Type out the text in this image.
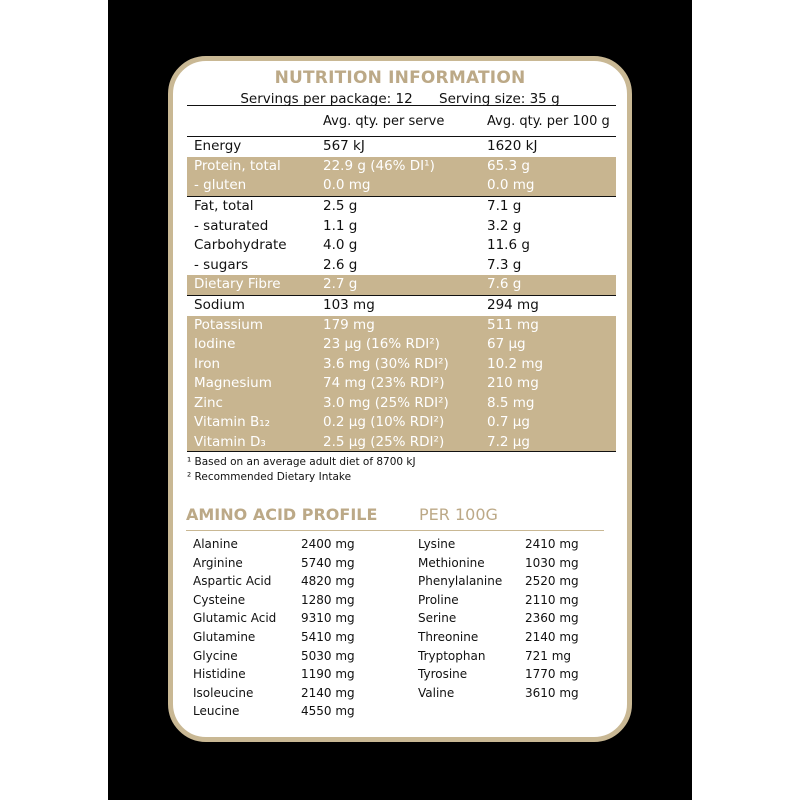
NUTRITION INFORMATION
Servings per package: 12 Serving size: 35 g
Avg. qty. per serve	Avg. qty. per 100 g
Energy	567 kJ	1620 kJ
Protein, total	22.9 g (46% DI¹)	65.3 g
- gluten	0.0 mg	0.0 mg
Fat, total	2.5 g	7.1 g
- saturated	1.1 g	3.2 g
Carbohydrate	4.0 g	11.6 g
- sugars	2.6 g	7.3 g
Dietary Fibre	2.7 g	7.6 g
Sodium	103 mg	294 mg
Potassium	179 mg	511 mg
Iodine	23 µg (16% RDI²)	67 µg
Iron	3.6 mg (30% RDI²)	10.2 mg
Magnesium	74 mg (23% RDI²)	210 mg
Zinc	3.0 mg (25% RDI²)	8.5 mg
Vitamin B₁₂	0.2 µg (10% RDI²)	0.7 µg
Vitamin D₃	2.5 µg (25% RDI²)	7.2 µg
¹ Based on an average adult diet of 8700 kJ
² Recommended Dietary Intake
AMINO ACID PROFILE	PER 100G
Alanine	2400 mg
Arginine	5740 mg
Aspartic Acid 4820 mg
Cysteine	1280 mg
Glutamic Acid 9310 mg
Glutamine	5410 mg
Glycine	5030 mg
Histidine	1190 mg
Isoleucine	2140 mg
Leucine	4550 mg
Lysine	2410 mg
Methionine	1030 mg
Phenylalanine 2520 mg
Proline	2110 mg
Serine	2360 mg
Threonine	2140 mg
Tryptophan	721 mg
Tyrosine	1770 mg
Valine	3610 mg
